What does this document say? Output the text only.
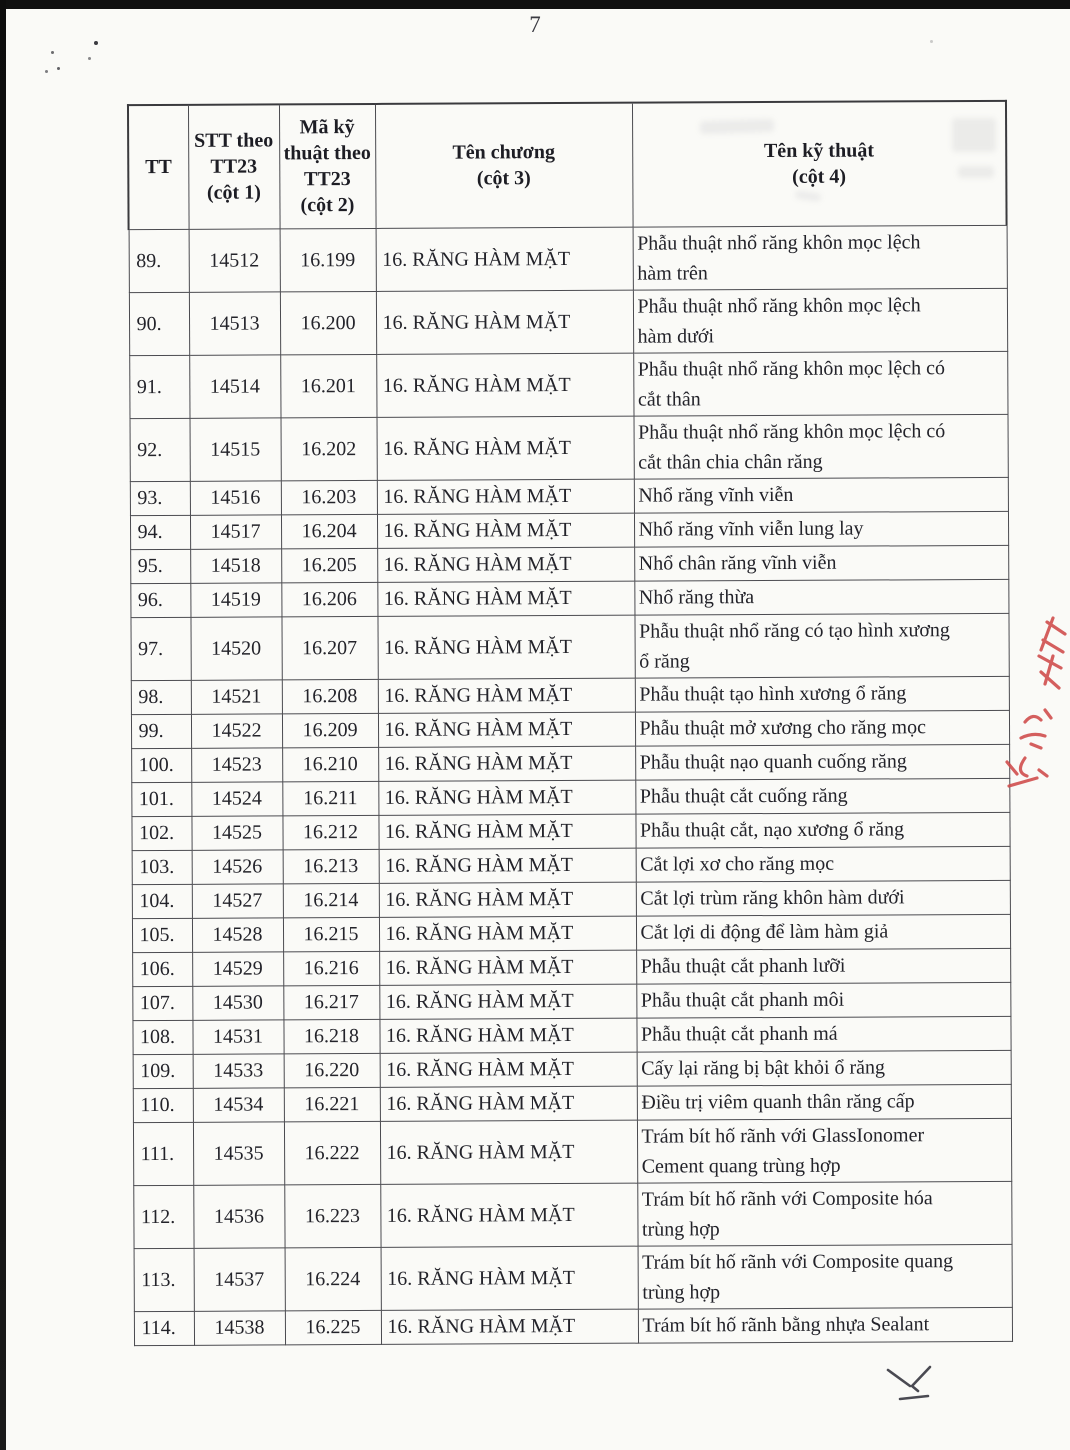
7
TT	STT theo
TT23
(cột 1)	Mã kỹ
thuật theo
TT23
(cột 2)	Tên chương
(cột 3)	Tên kỹ thuật
(cột 4)
89.	14512	16.199	16. RĂNG HÀM MẶT	Phẫu thuật nhổ răng khôn mọc lệch
hàm trên
90.	14513	16.200	16. RĂNG HÀM MẶT	Phẫu thuật nhổ răng khôn mọc lệch
hàm dưới
91.	14514	16.201	16. RĂNG HÀM MẶT	Phẫu thuật nhổ răng khôn mọc lệch có
cắt thân
92.	14515	16.202	16. RĂNG HÀM MẶT	Phẫu thuật nhổ răng khôn mọc lệch có
cắt thân chia chân răng
93.	14516	16.203	16. RĂNG HÀM MẶT	Nhổ răng vĩnh viễn
94.	14517	16.204	16. RĂNG HÀM MẶT	Nhổ răng vĩnh viễn lung lay
95.	14518	16.205	16. RĂNG HÀM MẶT	Nhổ chân răng vĩnh viễn
96.	14519	16.206	16. RĂNG HÀM MẶT	Nhổ răng thừa
97.	14520	16.207	16. RĂNG HÀM MẶT	Phẫu thuật nhổ răng có tạo hình xương
ổ răng
98.	14521	16.208	16. RĂNG HÀM MẶT	Phẫu thuật tạo hình xương ổ răng
99.	14522	16.209	16. RĂNG HÀM MẶT	Phẫu thuật mở xương cho răng mọc
100.	14523	16.210	16. RĂNG HÀM MẶT	Phẫu thuật nạo quanh cuống răng
101.	14524	16.211	16. RĂNG HÀM MẶT	Phẫu thuật cắt cuống răng
102.	14525	16.212	16. RĂNG HÀM MẶT	Phẫu thuật cắt, nạo xương ổ răng
103.	14526	16.213	16. RĂNG HÀM MẶT	Cắt lợi xơ cho răng mọc
104.	14527	16.214	16. RĂNG HÀM MẶT	Cắt lợi trùm răng khôn hàm dưới
105.	14528	16.215	16. RĂNG HÀM MẶT	Cắt lợi di động để làm hàm giả
106.	14529	16.216	16. RĂNG HÀM MẶT	Phẫu thuật cắt phanh lưỡi
107.	14530	16.217	16. RĂNG HÀM MẶT	Phẫu thuật cắt phanh môi
108.	14531	16.218	16. RĂNG HÀM MẶT	Phẫu thuật cắt phanh má
109.	14533	16.220	16. RĂNG HÀM MẶT	Cấy lại răng bị bật khỏi ổ răng
110.	14534	16.221	16. RĂNG HÀM MẶT	Điều trị viêm quanh thân răng cấp
111.	14535	16.222	16. RĂNG HÀM MẶT	Trám bít hố rãnh với GlassIonomer
Cement quang trùng hợp
112.	14536	16.223	16. RĂNG HÀM MẶT	Trám bít hố rãnh với Composite hóa
trùng hợp
113.	14537	16.224	16. RĂNG HÀM MẶT	Trám bít hố rãnh với Composite quang
trùng hợp
114.	14538	16.225	16. RĂNG HÀM MẶT	Trám bít hố rãnh bằng nhựa Sealant
